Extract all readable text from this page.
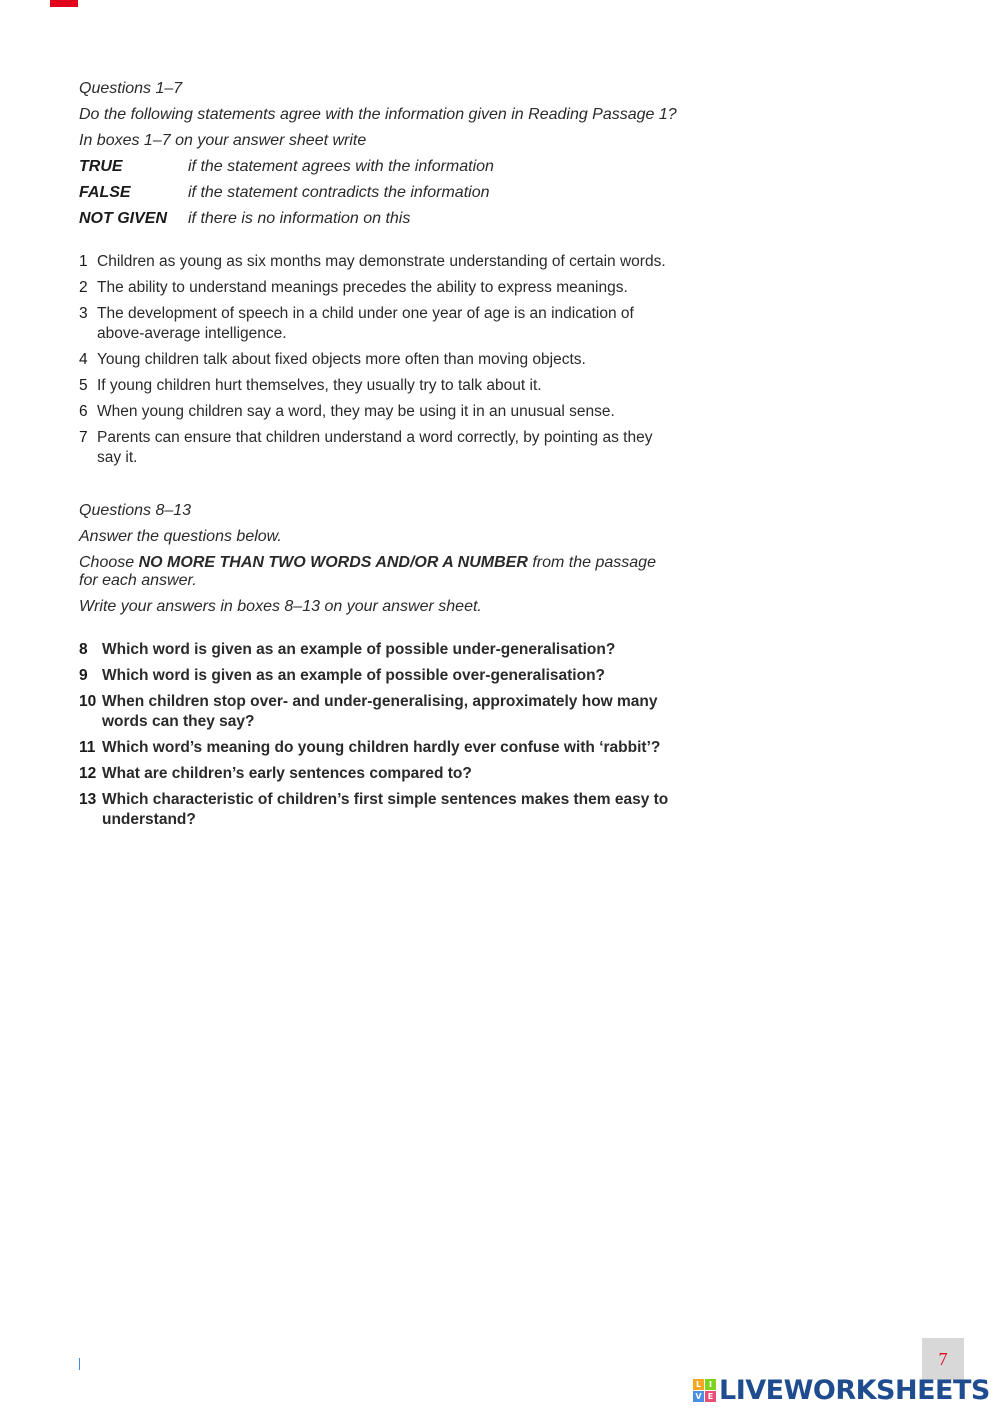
Questions 1–7
Do the following statements agree with the information given in Reading Passage 1?
In boxes 1–7 on your answer sheet write
TRUE	if the statement agrees with the information
FALSE	if the statement contradicts the information
NOT GIVEN	if there is no information on this
1 Children as young as six months may demonstrate understanding of certain words.
2 The ability to understand meanings precedes the ability to express meanings.
3 The development of speech in a child under one year of age is an indication of above-average intelligence.
4 Young children talk about fixed objects more often than moving objects.
5 If young children hurt themselves, they usually try to talk about it.
6 When young children say a word, they may be using it in an unusual sense.
7 Parents can ensure that children understand a word correctly, by pointing as they say it.
Questions 8–13
Answer the questions below.
Choose NO MORE THAN TWO WORDS AND/OR A NUMBER from the passage for each answer.
Write your answers in boxes 8–13 on your answer sheet.
8 Which word is given as an example of possible under-generalisation?
9 Which word is given as an example of possible over-generalisation?
10 When children stop over- and under-generalising, approximately how many words can they say?
11 Which word’s meaning do young children hardly ever confuse with ‘rabbit’?
12 What are children’s early sentences compared to?
13 Which characteristic of children’s first simple sentences makes them easy to understand?
7
L I
V E LIVEWORKSHEETS
